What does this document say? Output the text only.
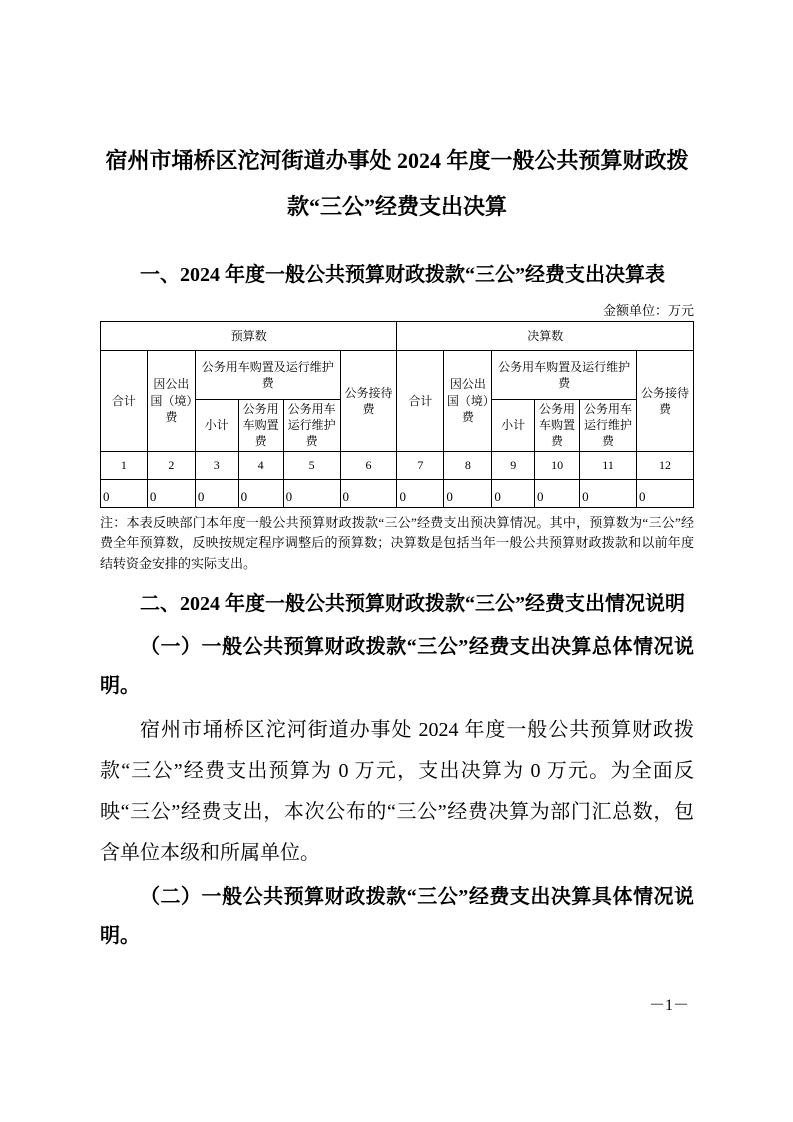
宿州市埇桥区沱河街道办事处 2024 年度一般公共预算财政拨款“三公”经费支出决算

一、2024 年度一般公共预算财政拨款“三公”经费支出决算表

金额单位：万元
预算数						决算数					
合计	因公出国（境）费	公务用车购置及运行维护费			公务接待费	合计	因公出国（境）费	公务用车购置及运行维护费			公务接待费
		小计	公务用车购置费	公务用车运行维护费				小计	公务用车购置费	公务用车运行维护费	
1	2	3	4	5	6	7	8	9	10	11	12
0	0	0	0	0	0	0	0	0	0	0	0

注：本表反映部门本年度一般公共预算财政拨款“三公”经费支出预决算情况。其中，预算数为“三公”经费全年预算数，反映按规定程序调整后的预算数；决算数是包括当年一般公共预算财政拨款和以前年度结转资金安排的实际支出。

二、2024 年度一般公共预算财政拨款“三公”经费支出情况说明

（一）一般公共预算财政拨款“三公”经费支出决算总体情况说明。

宿州市埇桥区沱河街道办事处 2024 年度一般公共预算财政拨款“三公”经费支出预算为 0 万元，支出决算为 0 万元。为全面反映“三公”经费支出，本次公布的“三公”经费决算为部门汇总数，包含单位本级和所属单位。

（二）一般公共预算财政拨款“三公”经费支出决算具体情况说明。

－1－
